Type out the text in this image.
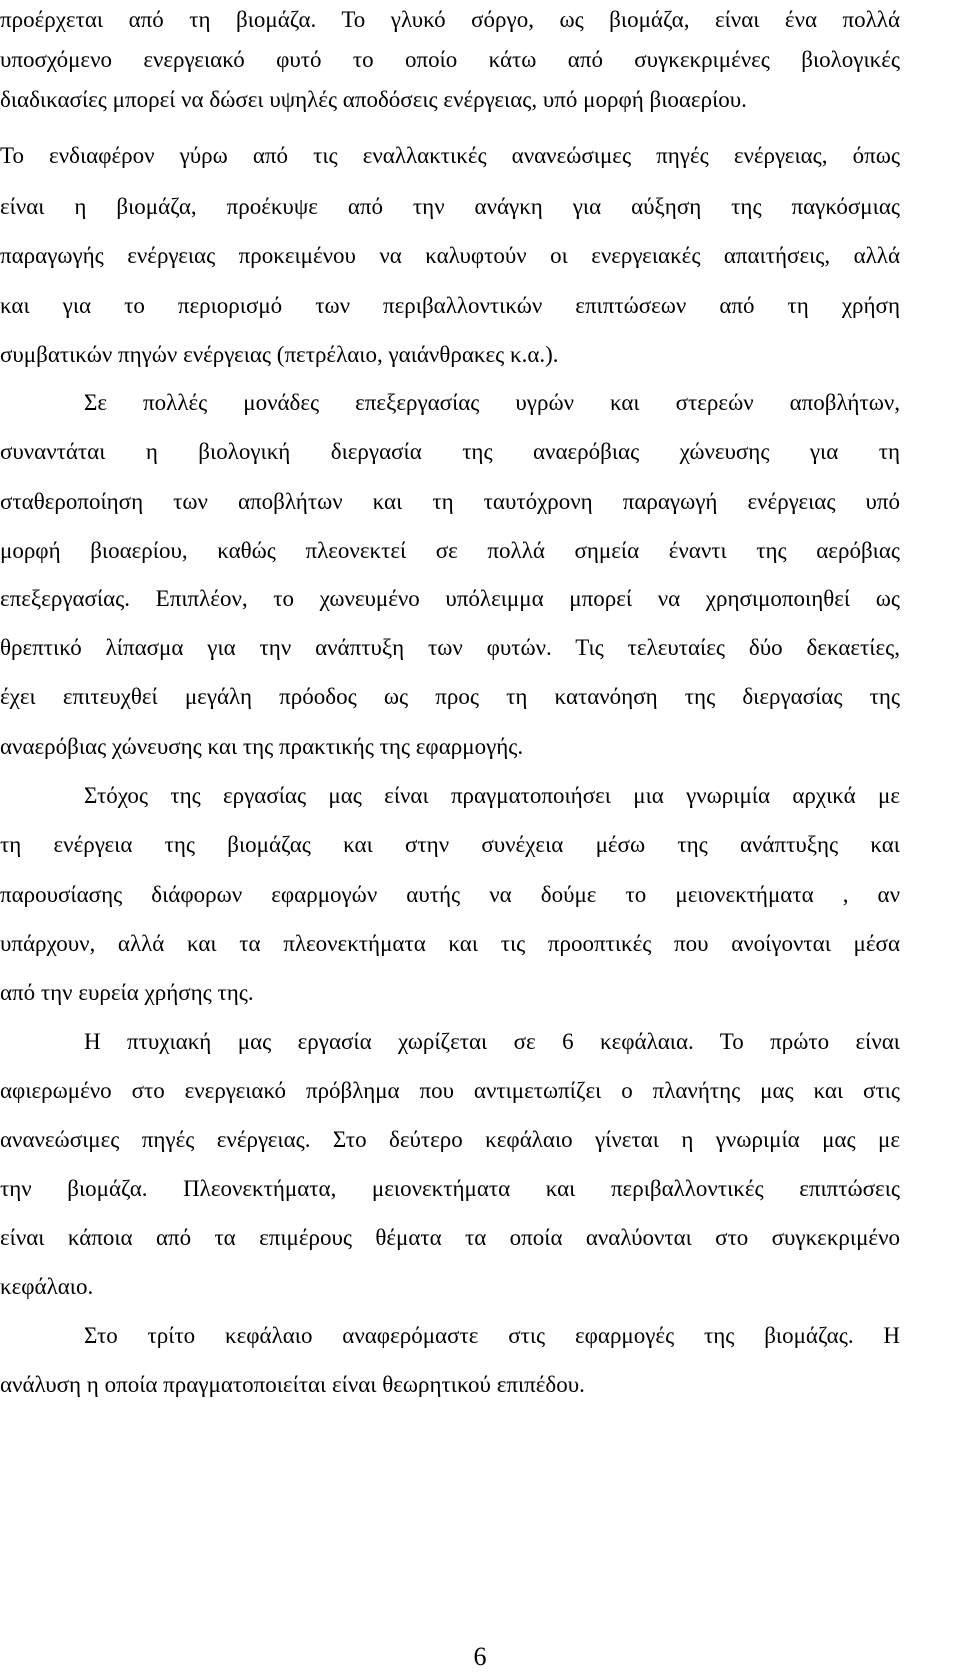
προέρχεται από τη βιομάζα. Το γλυκό σόργο, ως βιομάζα, είναι ένα πολλά
υποσχόμενο ενεργειακό φυτό το οποίο κάτω από συγκεκριμένες βιολογικές
διαδικασίες μπορεί να δώσει υψηλές αποδόσεις ενέργειας, υπό μορφή βιοαερίου.
Το ενδιαφέρον γύρω από τις εναλλακτικές ανανεώσιμες πηγές ενέργειας, όπως
είναι η βιομάζα, προέκυψε από την ανάγκη για αύξηση της παγκόσμιας
παραγωγής ενέργειας προκειμένου να καλυφτούν οι ενεργειακές απαιτήσεις, αλλά
και για το περιορισμό των περιβαλλοντικών επιπτώσεων από τη χρήση
συμβατικών πηγών ενέργειας (πετρέλαιο, γαιάνθρακες κ.α.).
Σε πολλές μονάδες επεξεργασίας υγρών και στερεών αποβλήτων,
συναντάται η βιολογική διεργασία της αναερόβιας χώνευσης για τη
σταθεροποίηση των αποβλήτων και τη ταυτόχρονη παραγωγή ενέργειας υπό
μορφή βιοαερίου, καθώς πλεονεκτεί σε πολλά σημεία έναντι της αερόβιας
επεξεργασίας. Επιπλέον, το χωνευμένο υπόλειμμα μπορεί να χρησιμοποιηθεί ως
θρεπτικό λίπασμα για την ανάπτυξη των φυτών. Τις τελευταίες δύο δεκαετίες,
έχει επιτευχθεί μεγάλη πρόοδος ως προς τη κατανόηση της διεργασίας της
αναερόβιας χώνευσης και της πρακτικής της εφαρμογής.
Στόχος της εργασίας μας είναι πραγματοποιήσει μια γνωριμία αρχικά με
τη ενέργεια της βιομάζας και στην συνέχεια μέσω της ανάπτυξης και
παρουσίασης διάφορων εφαρμογών αυτής να δούμε το μειονεκτήματα , αν
υπάρχουν, αλλά και τα πλεονεκτήματα και τις προοπτικές που ανοίγονται μέσα
από την ευρεία χρήσης της.
Η πτυχιακή μας εργασία χωρίζεται σε 6 κεφάλαια. Το πρώτο είναι
αφιερωμένο στο ενεργειακό πρόβλημα που αντιμετωπίζει ο πλανήτης μας και στις
ανανεώσιμες πηγές ενέργειας. Στο δεύτερο κεφάλαιο γίνεται η γνωριμία μας με
την βιομάζα. Πλεονεκτήματα, μειονεκτήματα και περιβαλλοντικές επιπτώσεις
είναι κάποια από τα επιμέρους θέματα τα οποία αναλύονται στο συγκεκριμένο
κεφάλαιο.
Στο τρίτο κεφάλαιο αναφερόμαστε στις εφαρμογές της βιομάζας. Η
ανάλυση η οποία πραγματοποιείται είναι θεωρητικού επιπέδου.
6
